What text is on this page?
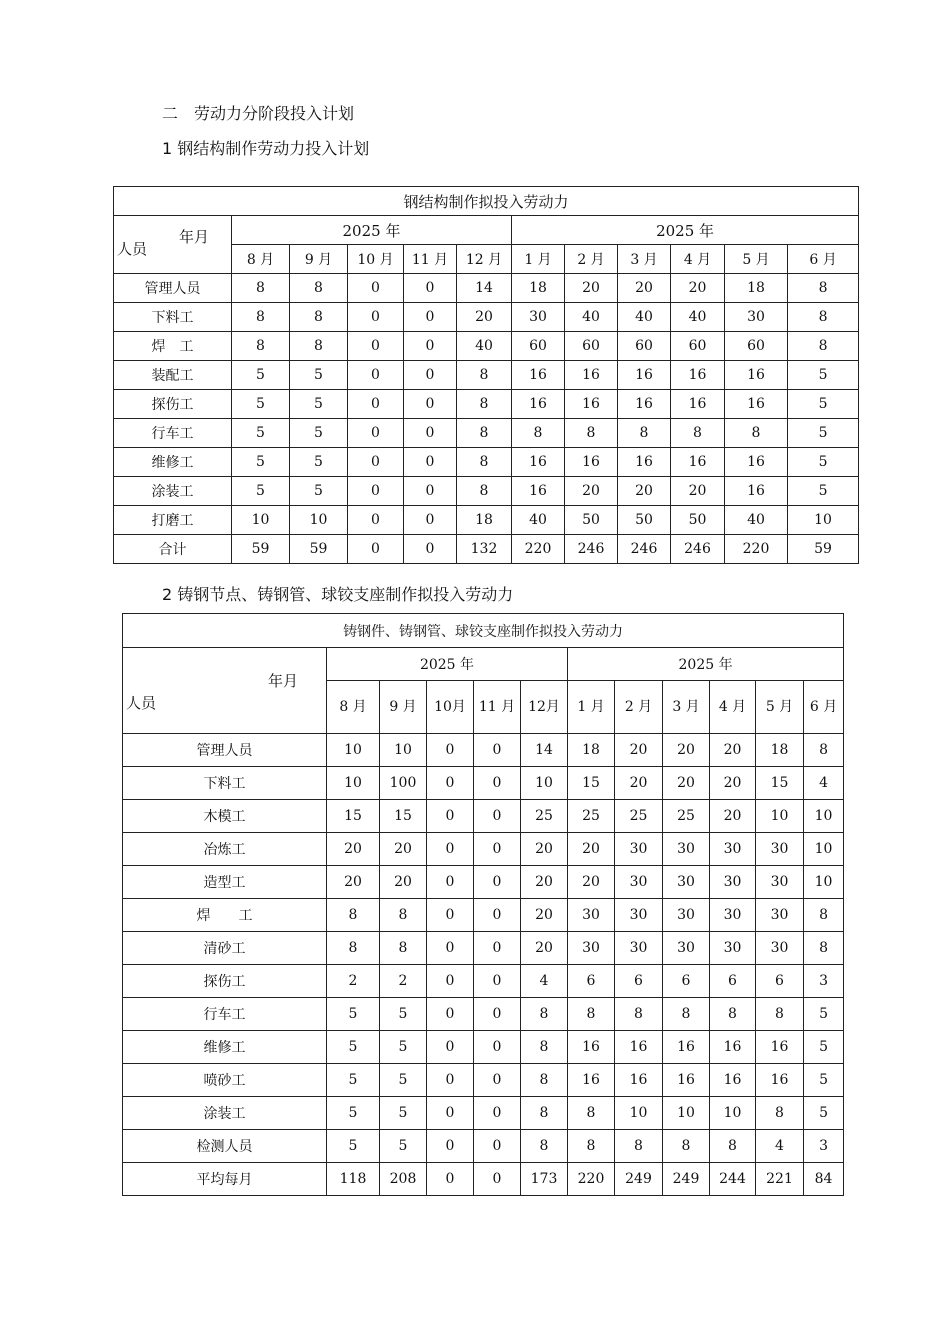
二　劳动力分阶段投入计划
1 钢结构制作劳动力投入计划
钢结构制作拟投入劳动力											

年月
人员	2025 年					2025 年					
	8 月	9 月	10 月	11 月	12 月	1 月	2 月	3 月	4 月	5 月	6 月
管理人员	8	8	0	0	14	18	20	20	20	18	8
下料工	8	8	0	0	20	30	40	40	40	30	8
焊　工	8	8	0	0	40	60	60	60	60	60	8
装配工	5	5	0	0	8	16	16	16	16	16	5
探伤工	5	5	0	0	8	16	16	16	16	16	5
行车工	5	5	0	0	8	8	8	8	8	8	5
维修工	5	5	0	0	8	16	16	16	16	16	5
涂装工	5	5	0	0	8	16	20	20	20	16	5
打磨工	10	10	0	0	18	40	50	50	50	40	10
合计	59	59	0	0	132	220	246	246	246	220	59
2 铸钢节点、铸钢管、球铰支座制作拟投入劳动力
铸钢件、铸钢管、球铰支座制作拟投入劳动力											

年月
人员	2025 年					2025 年					
	8 月	9 月	10月	11 月	12月	1 月	2 月	3 月	4 月	5 月	6 月
管理人员	10	10	0	0	14	18	20	20	20	18	8
下料工	10	100	0	0	10	15	20	20	20	15	4
木模工	15	15	0	0	25	25	25	25	20	10	10
冶炼工	20	20	0	0	20	20	30	30	30	30	10
造型工	20	20	0	0	20	20	30	30	30	30	10
焊　　工	8	8	0	0	20	30	30	30	30	30	8
清砂工	8	8	0	0	20	30	30	30	30	30	8
探伤工	2	2	0	0	4	6	6	6	6	6	3
行车工	5	5	0	0	8	8	8	8	8	8	5
维修工	5	5	0	0	8	16	16	16	16	16	5
喷砂工	5	5	0	0	8	16	16	16	16	16	5
涂装工	5	5	0	0	8	8	10	10	10	8	5
检测人员	5	5	0	0	8	8	8	8	8	4	3
平均每月	118	208	0	0	173	220	249	249	244	221	84
